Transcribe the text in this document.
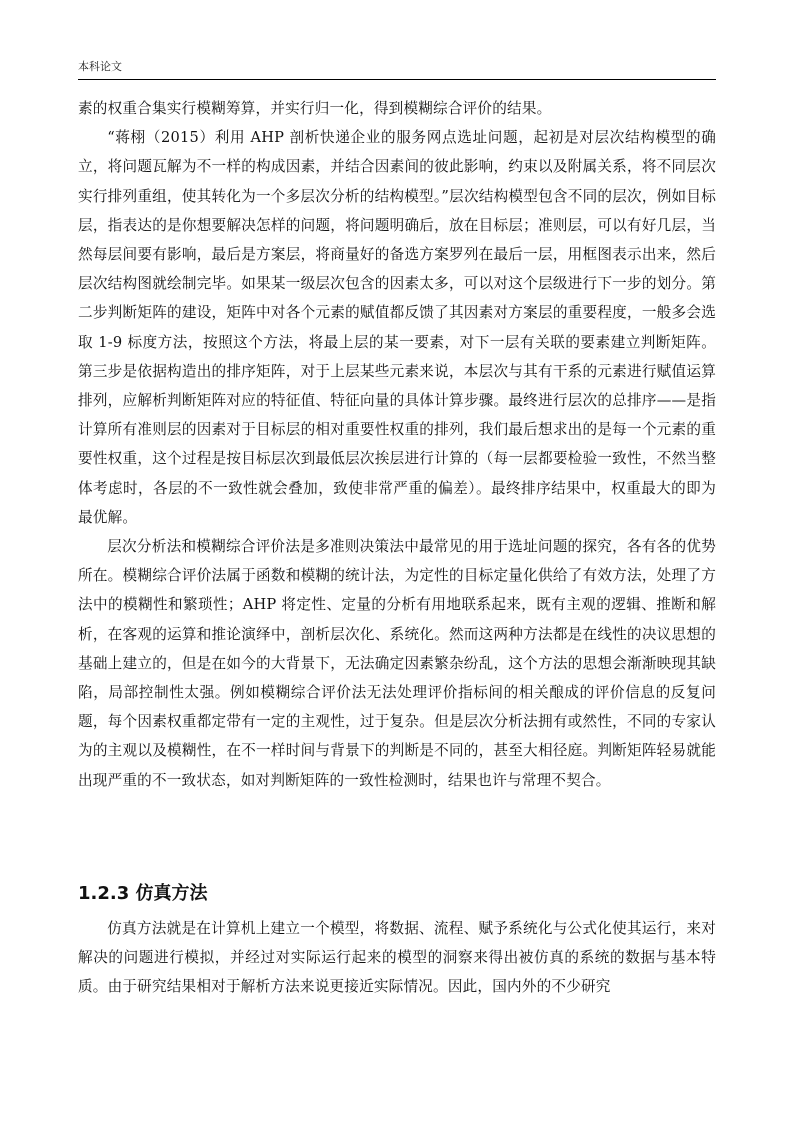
本科论文

素的权重合集实行模糊筹算，并实行归一化，得到模糊综合评价的结果。

“蒋栩（2015）利用 AHP 剖析快递企业的服务网点选址问题，起初是对层次结构模型的确立，将问题瓦解为不一样的构成因素，并结合因素间的彼此影响，约束以及附属关系，将不同层次实行排列重组，使其转化为一个多层次分析的结构模型。”层次结构模型包含不同的层次，例如目标层，指表达的是你想要解决怎样的问题，将问题明确后，放在目标层；准则层，可以有好几层，当然每层间要有影响，最后是方案层，将商量好的备选方案罗列在最后一层，用框图表示出来，然后层次结构图就绘制完毕。如果某一级层次包含的因素太多，可以对这个层级进行下一步的划分。第二步判断矩阵的建设，矩阵中对各个元素的赋值都反馈了其因素对方案层的重要程度，一般多会选取 1-9 标度方法，按照这个方法，将最上层的某一要素，对下一层有关联的要素建立判断矩阵。第三步是依据构造出的排序矩阵，对于上层某些元素来说，本层次与其有干系的元素进行赋值运算排列，应解析判断矩阵对应的特征值、特征向量的具体计算步骤。最终进行层次的总排序——是指计算所有准则层的因素对于目标层的相对重要性权重的排列，我们最后想求出的是每一个元素的重要性权重，这个过程是按目标层次到最低层次挨层进行计算的（每一层都要检验一致性，不然当整体考虑时，各层的不一致性就会叠加，致使非常严重的偏差）。最终排序结果中，权重最大的即为最优解。

层次分析法和模糊综合评价法是多准则决策法中最常见的用于选址问题的探究，各有各的优势所在。模糊综合评价法属于函数和模糊的统计法，为定性的目标定量化供给了有效方法，处理了方法中的模糊性和繁琐性；AHP 将定性、定量的分析有用地联系起来，既有主观的逻辑、推断和解析，在客观的运算和推论演绎中，剖析层次化、系统化。然而这两种方法都是在线性的决议思想的基础上建立的，但是在如今的大背景下，无法确定因素繁杂纷乱，这个方法的思想会渐渐映现其缺陷，局部控制性太强。例如模糊综合评价法无法处理评价指标间的相关酿成的评价信息的反复问题，每个因素权重都定带有一定的主观性，过于复杂。但是层次分析法拥有或然性，不同的专家认为的主观以及模糊性，在不一样时间与背景下的判断是不同的，甚至大相径庭。判断矩阵轻易就能出现严重的不一致状态，如对判断矩阵的一致性检测时，结果也许与常理不契合。

1.2.3 仿真方法

仿真方法就是在计算机上建立一个模型，将数据、流程、赋予系统化与公式化使其运行，来对解决的问题进行模拟，并经过对实际运行起来的模型的洞察来得出被仿真的系统的数据与基本特质。由于研究结果相对于解析方法来说更接近实际情况。因此，国内外的不少研究
